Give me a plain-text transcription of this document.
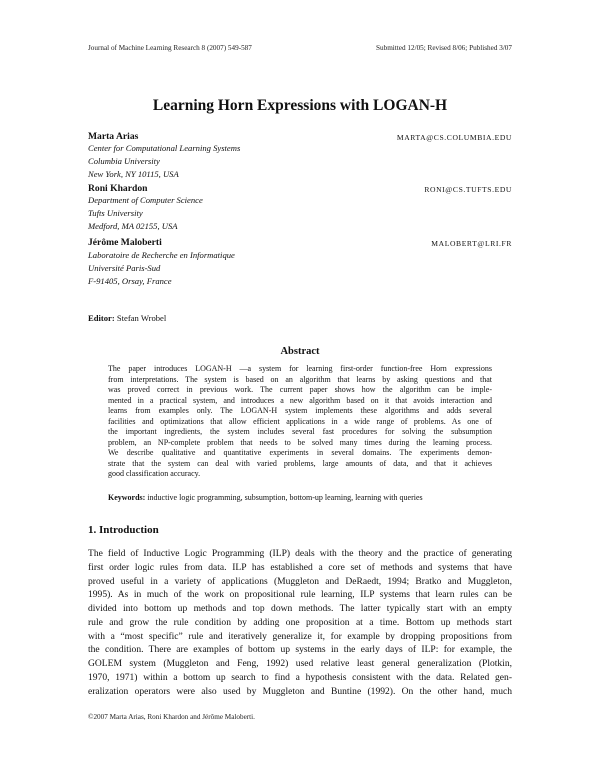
Journal of Machine Learning Research 8 (2007) 549-587	Submitted 12/05; Revised 8/06; Published 3/07
Learning Horn Expressions with LOGAN-H
Marta Arias	MARTA@CS.COLUMBIA.EDU
Center for Computational Learning Systems
Columbia University
New York, NY 10115, USA
Roni Khardon	RONI@CS.TUFTS.EDU
Department of Computer Science
Tufts University
Medford, MA 02155, USA
Jérôme Maloberti	MALOBERT@LRI.FR
Laboratoire de Recherche en Informatique
Université Paris-Sud
F-91405, Orsay, France
Editor: Stefan Wrobel
Abstract
The paper introduces LOGAN-H —a system for learning first-order function-free Horn expressions
from interpretations. The system is based on an algorithm that learns by asking questions and that
was proved correct in previous work. The current paper shows how the algorithm can be imple-
mented in a practical system, and introduces a new algorithm based on it that avoids interaction and
learns from examples only. The LOGAN-H system implements these algorithms and adds several
facilities and optimizations that allow efficient applications in a wide range of problems. As one of
the important ingredients, the system includes several fast procedures for solving the subsumption
problem, an NP-complete problem that needs to be solved many times during the learning process.
We describe qualitative and quantitative experiments in several domains. The experiments demon-
strate that the system can deal with varied problems, large amounts of data, and that it achieves
good classification accuracy.
Keywords: inductive logic programming, subsumption, bottom-up learning, learning with queries
1. Introduction
The field of Inductive Logic Programming (ILP) deals with the theory and the practice of generating
first order logic rules from data. ILP has established a core set of methods and systems that have
proved useful in a variety of applications (Muggleton and DeRaedt, 1994; Bratko and Muggleton,
1995). As in much of the work on propositional rule learning, ILP systems that learn rules can be
divided into bottom up methods and top down methods. The latter typically start with an empty
rule and grow the rule condition by adding one proposition at a time. Bottom up methods start
with a “most specific” rule and iteratively generalize it, for example by dropping propositions from
the condition. There are examples of bottom up systems in the early days of ILP: for example, the
GOLEM system (Muggleton and Feng, 1992) used relative least general generalization (Plotkin,
1970, 1971) within a bottom up search to find a hypothesis consistent with the data. Related gen-
eralization operators were also used by Muggleton and Buntine (1992). On the other hand, much
©2007 Marta Arias, Roni Khardon and Jérôme Maloberti.
